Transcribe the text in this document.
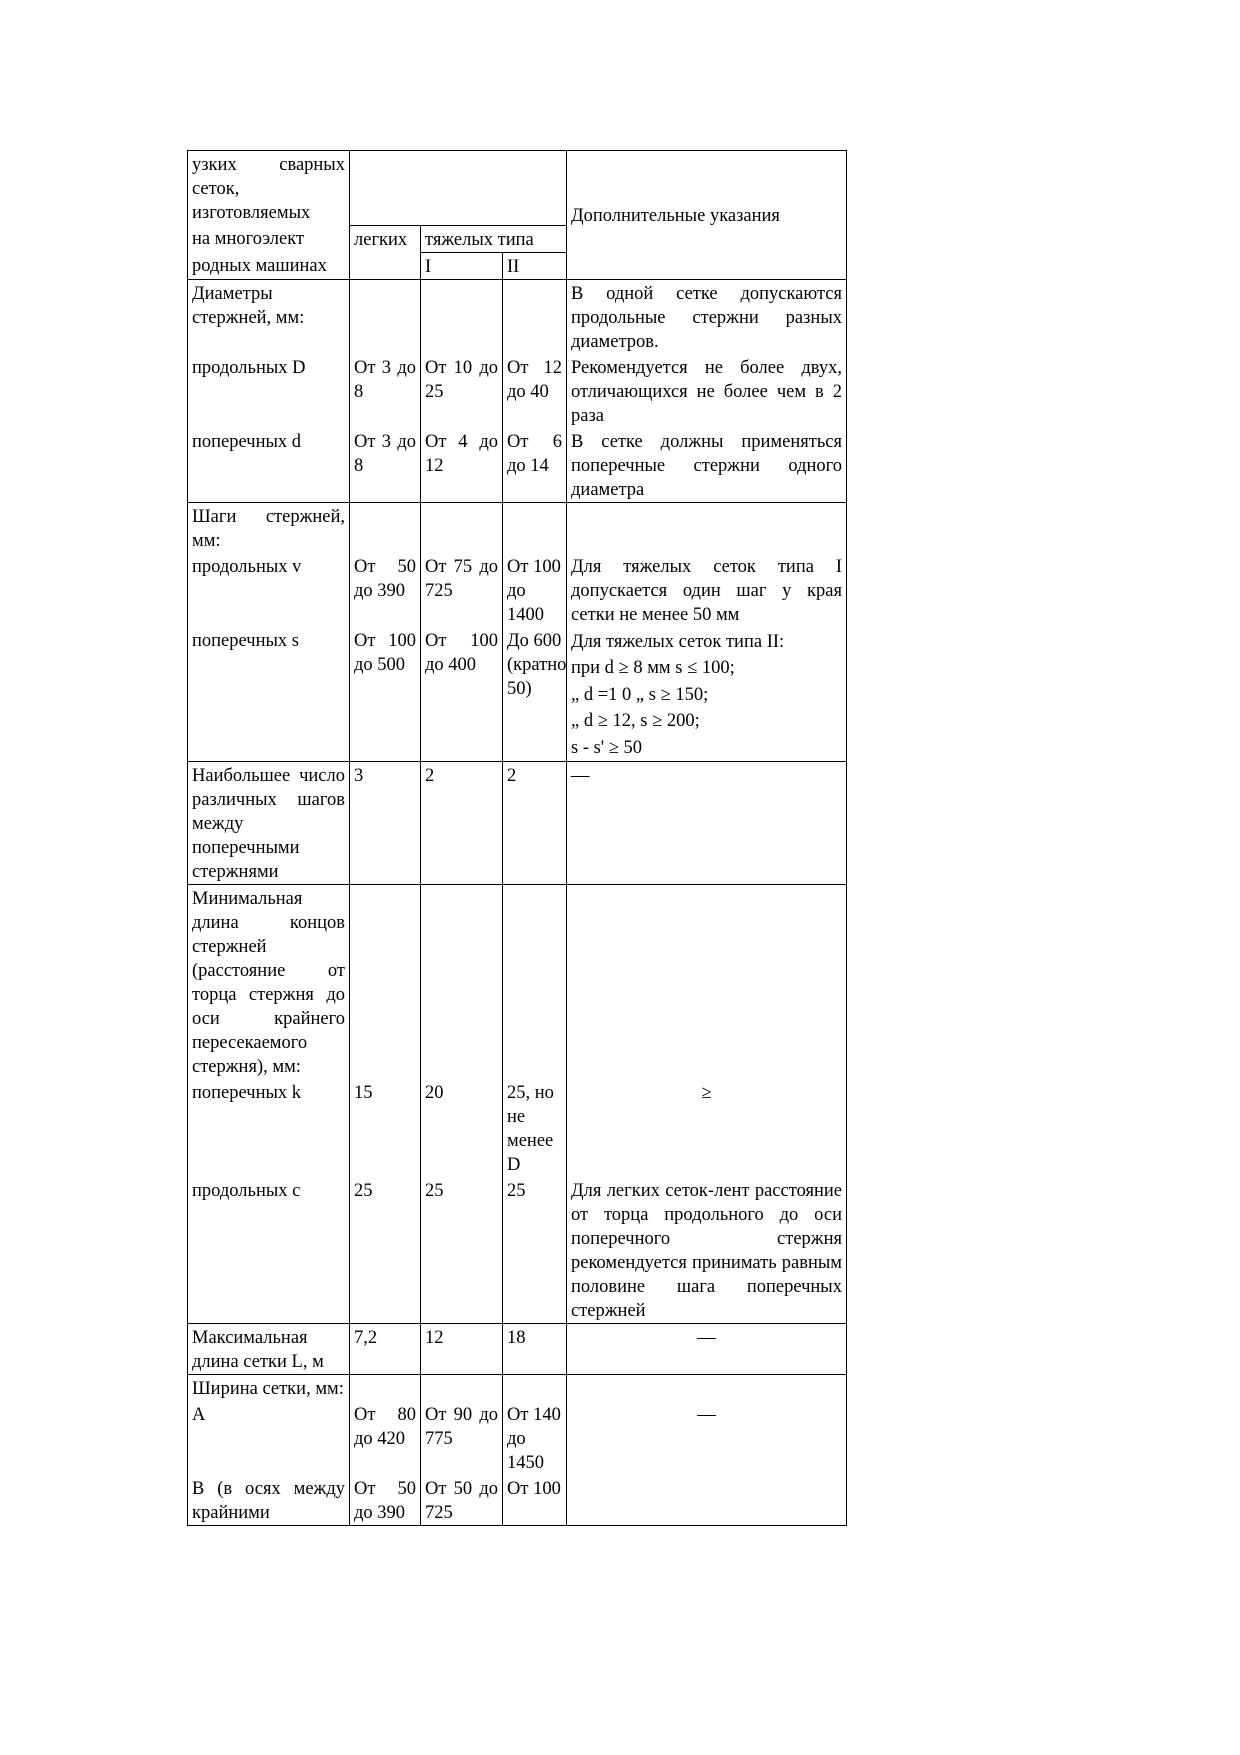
узких сварных
сеток,
изготовляемых				Дополнительные указания
на многоэлект	легких	тяжелых типа		
родных машинах		I	II	
Диаметры стержней, мм:				В одной сетке допускаются продольные стержни разных диаметров.
продольных D	От 3 до 8	От 10 до 25	От 12 до 40	Рекомендуется не более двух, отличающихся не более чем в 2 раза
поперечных d	От 3 до 8	От 4 до 12	От 6 до 14	В сетке должны применяться поперечные стержни одного диаметра
Шаги стержней, мм:				
продольных v	От 50 до 390	От 75 до 725	От 100 до 1400	Для тяжелых сеток типа I допускается один шаг у края сетки не менее 50 мм
поперечных s	От 100 до 500	От 100 до 400	До 600 (кратно 50)	Для тяжелых сеток типа II:
при d ≥ 8 мм s ≤ 100;
„ d =1 0 „ s ≥ 150;
„ d ≥ 12, s ≥ 200;
s - s' ≥ 50

Наибольшее число различных шагов между поперечными стержнями	3	2	2	—
Минимальная длина концов стержней (расстояние от торца стержня до оси крайнего пересекаемого стержня), мм:				
поперечных k	15	20	25, но не менее D	≥
продольных c	25	25	25	Для легких сеток-лент расстояние от торца продольного до оси поперечного стержня рекомендуется принимать равным половине шага поперечных стержней
Максимальная длина сетки L, м	7,2	12	18	—
Ширина сетки, мм:				
A	От 80 до 420	От 90 до 775	От 140 до 1450	—
B (в осях между крайними	От 50 до 390	От 50 до 725	От 100	
